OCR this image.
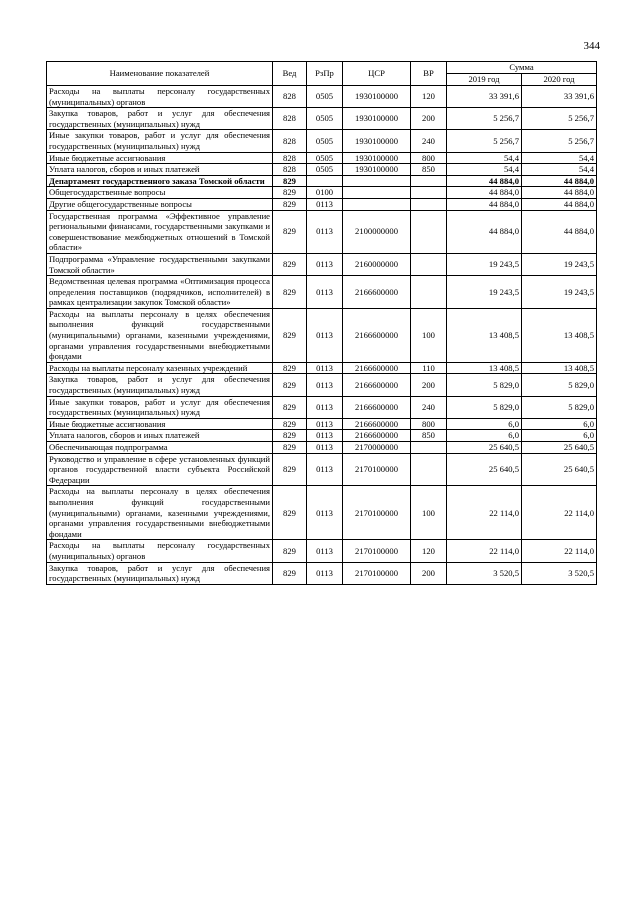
344
Наименование показателей	Вед	РзПр	ЦСР	ВР	Сумма	
					2019 год	2020 год
Расходы на выплаты персоналу государственных (муниципальных) органов	828	0505	1930100000	120	33 391,6	33 391,6
Закупка товаров, работ и услуг для обеспечения государственных (муниципальных) нужд	828	0505	1930100000	200	5 256,7	5 256,7
Иные закупки товаров, работ и услуг для обеспечения государственных (муниципальных) нужд	828	0505	1930100000	240	5 256,7	5 256,7
Иные бюджетные ассигнования	828	0505	1930100000	800	54,4	54,4
Уплата налогов, сборов и иных платежей	828	0505	1930100000	850	54,4	54,4
Департамент государственного заказа Томской области	829				44 884,0	44 884,0
Общегосударственные вопросы	829	0100			44 884,0	44 884,0
Другие общегосударственные вопросы	829	0113			44 884,0	44 884,0
Государственная программа «Эффективное управление региональными финансами, государственными закупками и совершенствование межбюджетных отношений в Томской области»	829	0113	2100000000		44 884,0	44 884,0
Подпрограмма «Управление государственными закупками Томской области»	829	0113	2160000000		19 243,5	19 243,5
Ведомственная целевая программа «Оптимизация процесса определения поставщиков (подрядчиков, исполнителей) в рамках централизации закупок Томской области»	829	0113	2166600000		19 243,5	19 243,5
Расходы на выплаты персоналу в целях обеспечения выполнения функций государственными (муниципальными) органами, казенными учреждениями, органами управления государственными внебюджетными фондами	829	0113	2166600000	100	13 408,5	13 408,5
Расходы на выплаты персоналу казенных учреждений	829	0113	2166600000	110	13 408,5	13 408,5
Закупка товаров, работ и услуг для обеспечения государственных (муниципальных) нужд	829	0113	2166600000	200	5 829,0	5 829,0
Иные закупки товаров, работ и услуг для обеспечения государственных (муниципальных) нужд	829	0113	2166600000	240	5 829,0	5 829,0
Иные бюджетные ассигнования	829	0113	2166600000	800	6,0	6,0
Уплата налогов, сборов и иных платежей	829	0113	2166600000	850	6,0	6,0
Обеспечивающая подпрограмма	829	0113	2170000000		25 640,5	25 640,5
Руководство и управление в сфере установленных функций органов государственной власти субъекта Российской Федерации	829	0113	2170100000		25 640,5	25 640,5
Расходы на выплаты персоналу в целях обеспечения выполнения функций государственными (муниципальными) органами, казенными учреждениями, органами управления государственными внебюджетными фондами	829	0113	2170100000	100	22 114,0	22 114,0
Расходы на выплаты персоналу государственных (муниципальных) органов	829	0113	2170100000	120	22 114,0	22 114,0
Закупка товаров, работ и услуг для обеспечения государственных (муниципальных) нужд	829	0113	2170100000	200	3 520,5	3 520,5
